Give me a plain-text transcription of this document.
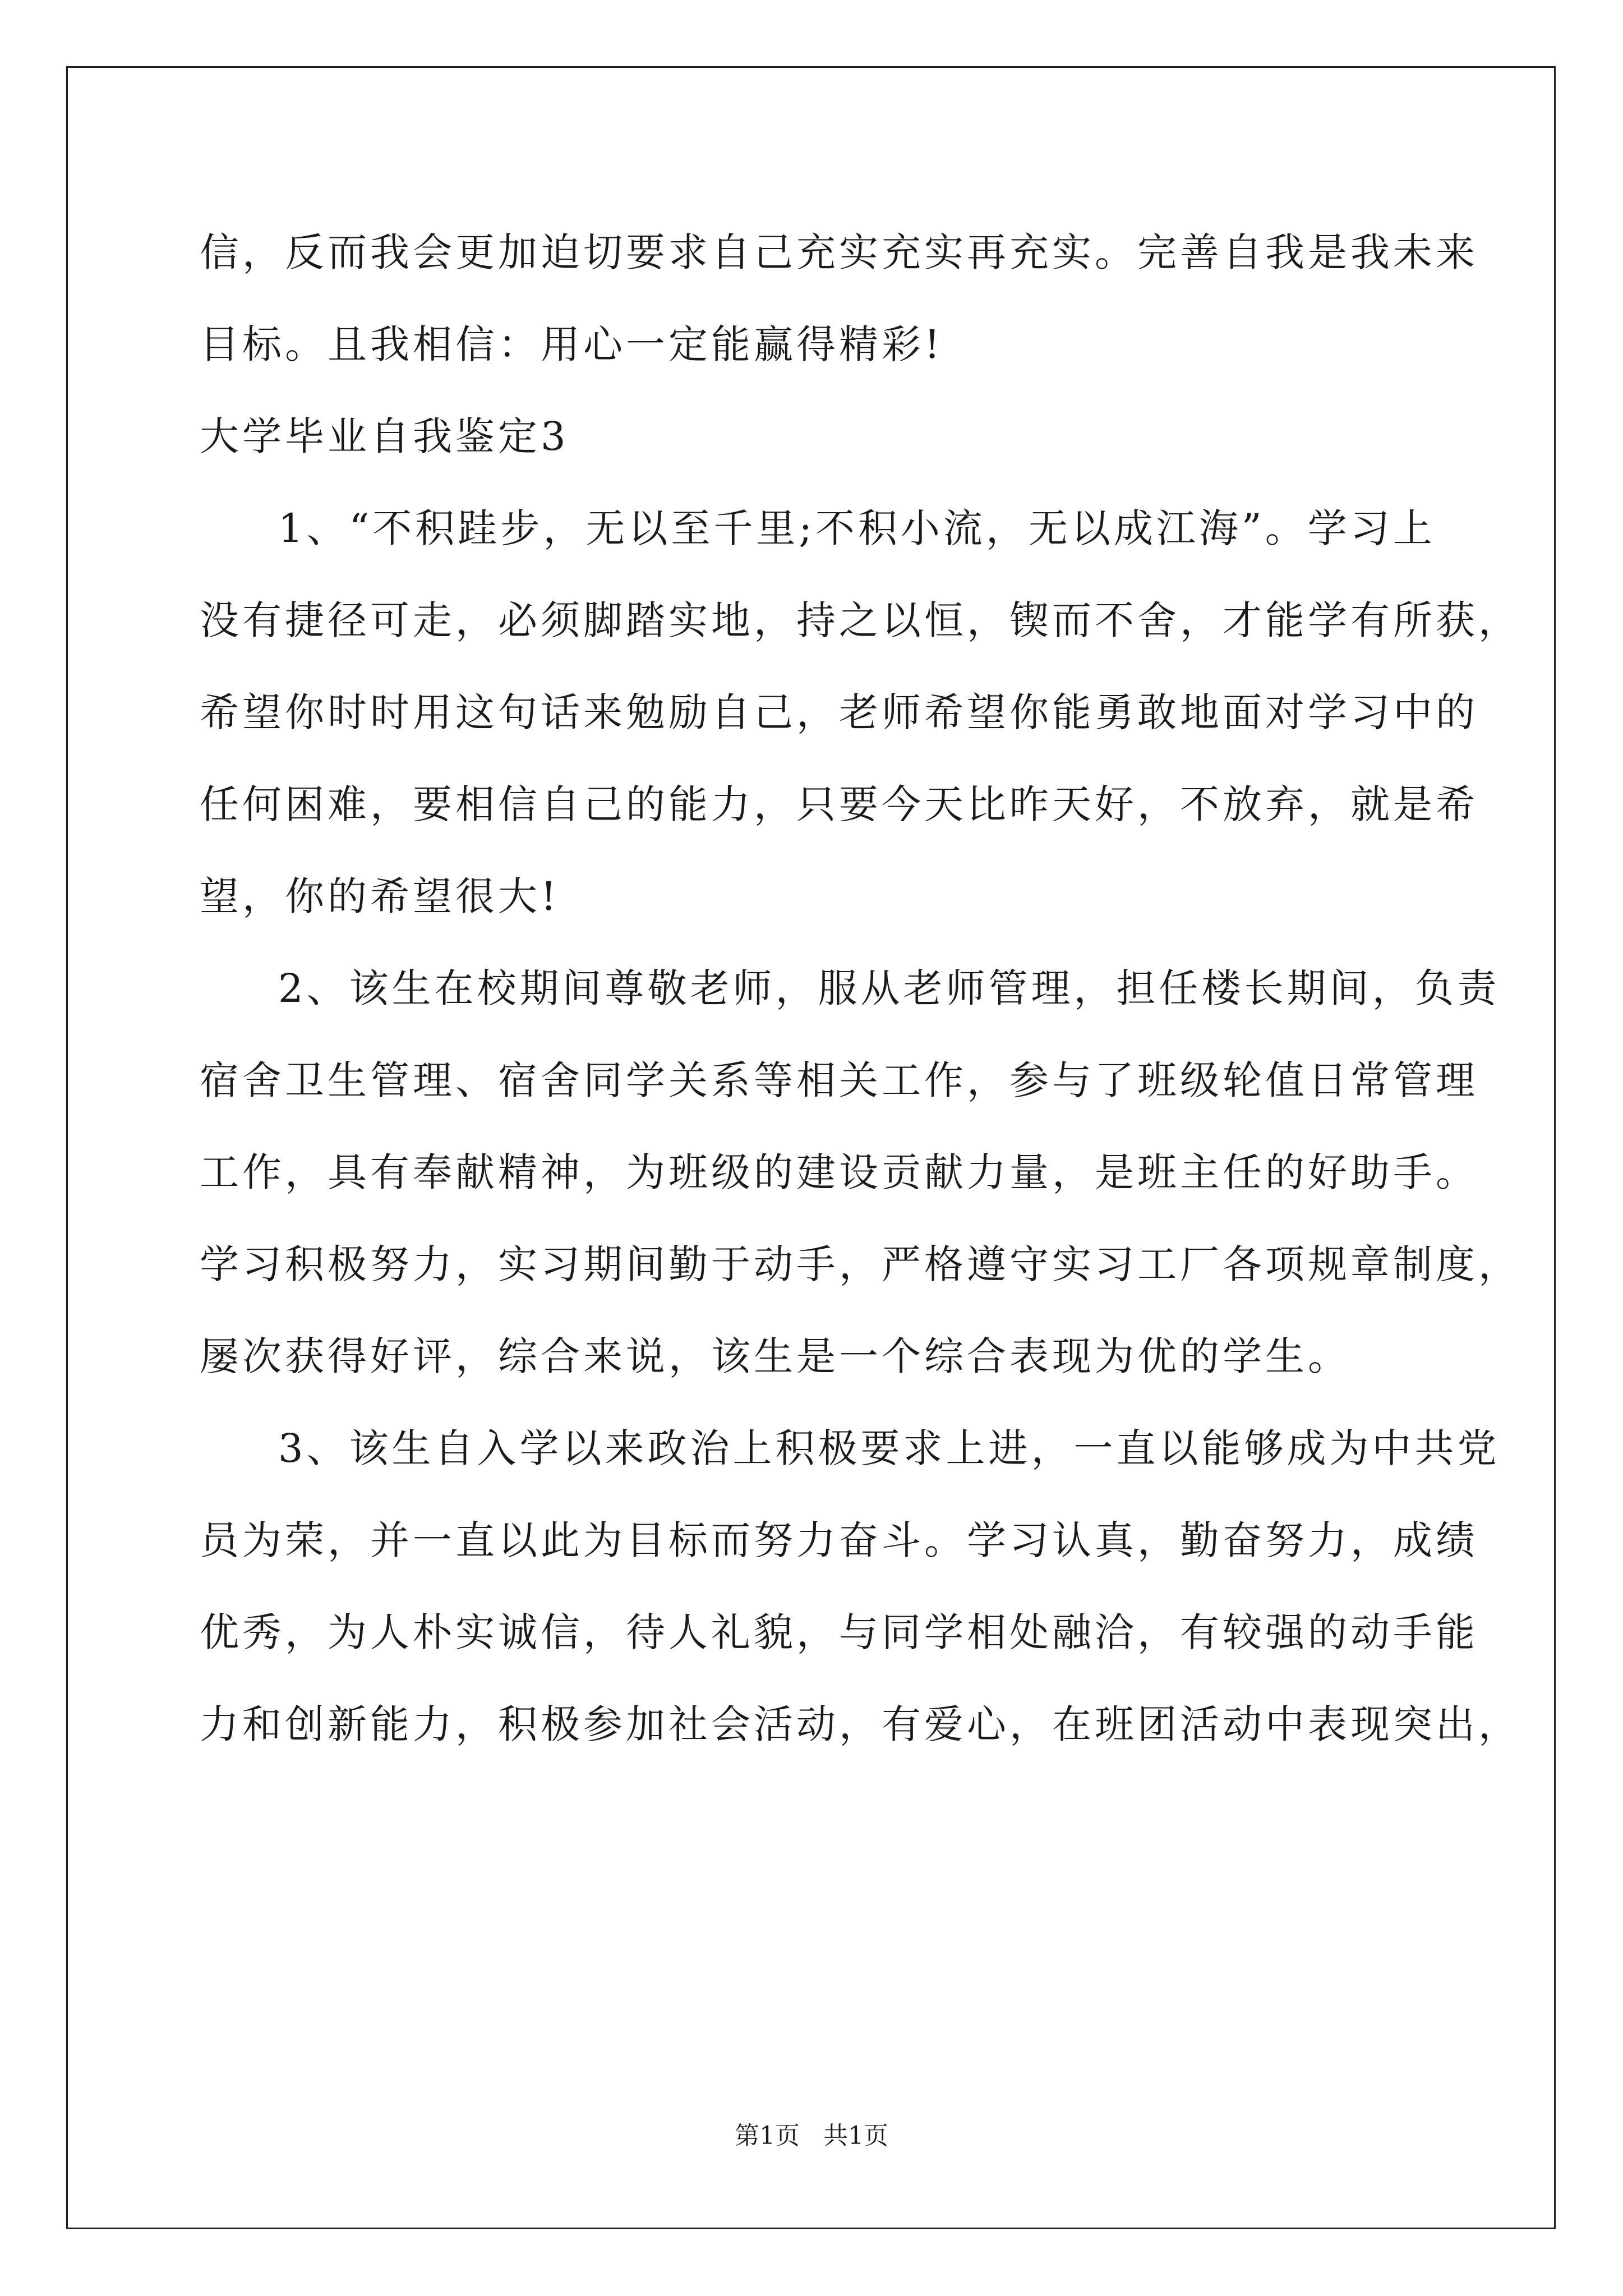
信，反而我会更加迫切要求自己充实充实再充实。完善自我是我未来
目标。且我相信：用心一定能赢得精彩!
大学毕业自我鉴定3
1、“不积跬步，无以至千里;不积小流，无以成江海”。学习上
没有捷径可走，必须脚踏实地，持之以恒，锲而不舍，才能学有所获，
希望你时时用这句话来勉励自己，老师希望你能勇敢地面对学习中的
任何困难，要相信自己的能力，只要今天比昨天好，不放弃，就是希
望，你的希望很大!
2、该生在校期间尊敬老师，服从老师管理，担任楼长期间，负责
宿舍卫生管理、宿舍同学关系等相关工作，参与了班级轮值日常管理
工作，具有奉献精神，为班级的建设贡献力量，是班主任的好助手。
学习积极努力，实习期间勤于动手，严格遵守实习工厂各项规章制度，
屡次获得好评，综合来说，该生是一个综合表现为优的学生。
3、该生自入学以来政治上积极要求上进，一直以能够成为中共党
员为荣，并一直以此为目标而努力奋斗。学习认真，勤奋努力，成绩
优秀，为人朴实诚信，待人礼貌，与同学相处融洽，有较强的动手能
力和创新能力，积极参加社会活动，有爱心，在班团活动中表现突出，
第1页   共1页
